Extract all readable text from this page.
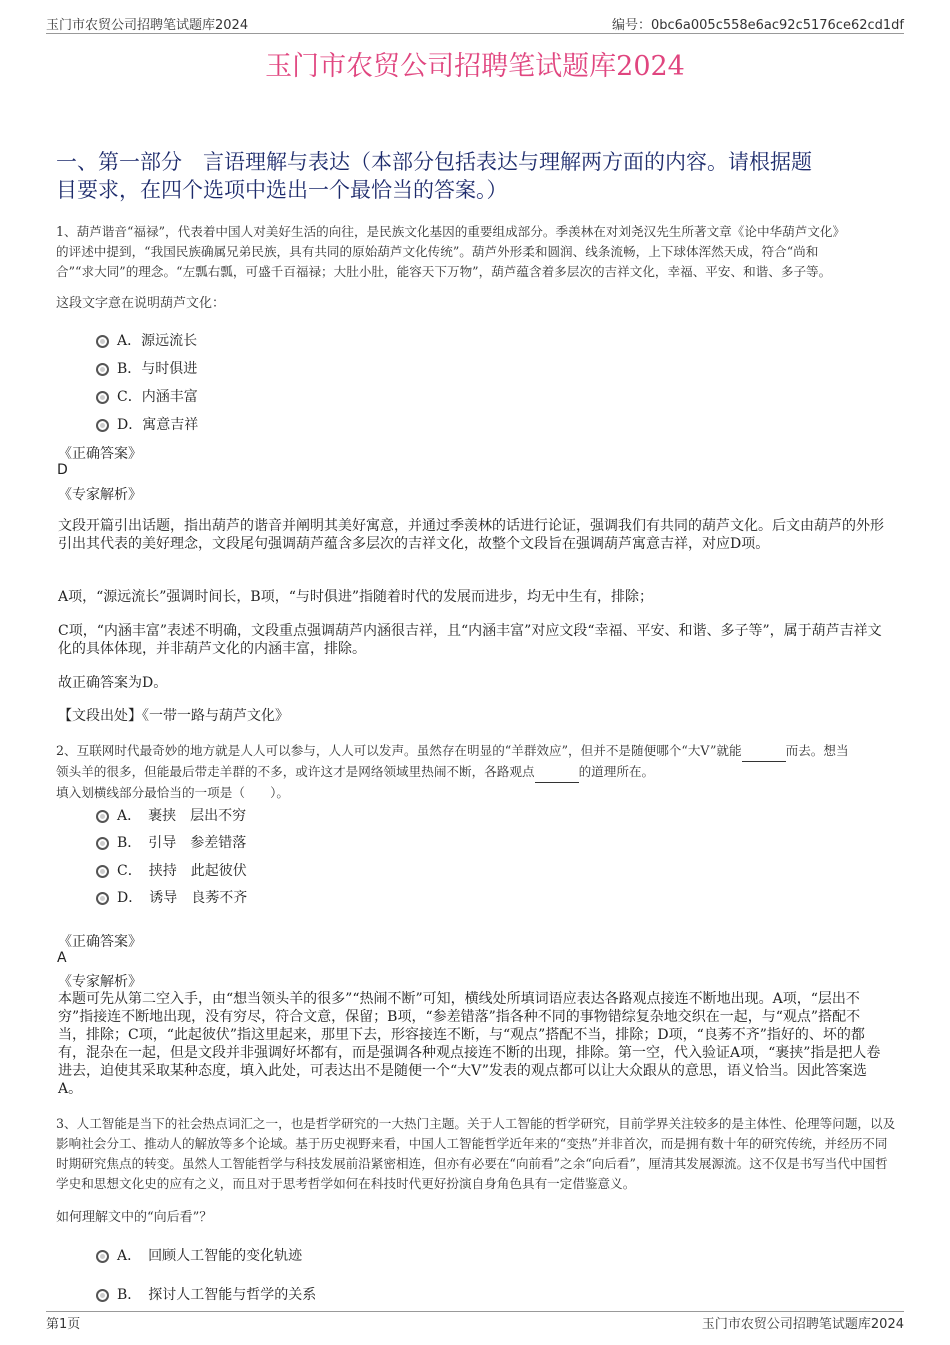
玉门市农贸公司招聘笔试题库2024	编号：0bc6a005c558e6ac92c5176ce62cd1df
玉门市农贸公司招聘笔试题库2024
一、第一部分　言语理解与表达（本部分包括表达与理解两方面的内容。请根据题
目要求，在四个选项中选出一个最恰当的答案。）
1、葫芦谐音“福禄”，代表着中国人对美好生活的向往，是民族文化基因的重要组成部分。季羡林在对刘尧汉先生所著文章《论中华葫芦文化》
的评述中提到，“我国民族确属兄弟民族，具有共同的原始葫芦文化传统”。葫芦外形柔和圆润、线条流畅，上下球体浑然天成，符合“尚和
合”“求大同”的理念。“左瓢右瓢，可盛千百福禄；大肚小肚，能容天下万物”，葫芦蕴含着多层次的吉祥文化，幸福、平安、和谐、多子等。
这段文字意在说明葫芦文化：
A．源远流长
B．与时俱进
C．内涵丰富
D．寓意吉祥
《正确答案》
D
《专家解析》
文段开篇引出话题，指出葫芦的谐音并阐明其美好寓意，并通过季羡林的话进行论证，强调我们有共同的葫芦文化。后文由葫芦的外形引出其代表的美好理念，文段尾句强调葫芦蕴含多层次的吉祥文化，故整个文段旨在强调葫芦寓意吉祥，对应D项。
A项，“源远流长”强调时间长，B项，“与时俱进”指随着时代的发展而进步，均无中生有，排除；
C项，“内涵丰富”表述不明确，文段重点强调葫芦内涵很吉祥，且“内涵丰富”对应文段“幸福、平安、和谐、多子等”，属于葫芦吉祥文化的具体体现，并非葫芦文化的内涵丰富，排除。
故正确答案为D。
【文段出处】《一带一路与葫芦文化》
2、互联网时代最奇妙的地方就是人人可以参与，人人可以发声。虽然存在明显的“羊群效应”，但并不是随便哪个“大V”就能	而去。想当
领头羊的很多，但能最后带走羊群的不多，或许这才是网络领域里热闹不断，各路观点	的道理所在。
填入划横线部分最恰当的一项是（　　）。
A．　裹挟　层出不穷
B．　引导　参差错落
C．　挟持　此起彼伏
D．　诱导　良莠不齐
《正确答案》
A
《专家解析》
本题可先从第二空入手，由“想当领头羊的很多”“热闹不断”可知，横线处所填词语应表达各路观点接连不断地出现。A项，“层出不穷”指接连不断地出现，没有穷尽，符合文意，保留；B项，“参差错落”指各种不同的事物错综复杂地交织在一起，与“观点”搭配不当，排除；C项，“此起彼伏”指这里起来，那里下去，形容接连不断，与“观点”搭配不当，排除；D项，“良莠不齐”指好的、坏的都有，混杂在一起，但是文段并非强调好坏都有，而是强调各种观点接连不断的出现，排除。第一空，代入验证A项，“裹挟”指是把人卷进去，迫使其采取某种态度，填入此处，可表达出不是随便一个“大V”发表的观点都可以让大众跟从的意思，语义恰当。因此答案选A。
3、人工智能是当下的社会热点词汇之一，也是哲学研究的一大热门主题。关于人工智能的哲学研究，目前学界关注较多的是主体性、伦理等问题，以及影响社会分工、推动人的解放等多个论域。基于历史视野来看，中国人工智能哲学近年来的“变热”并非首次，而是拥有数十年的研究传统，并经历不同时期研究焦点的转变。虽然人工智能哲学与科技发展前沿紧密相连，但亦有必要在“向前看”之余“向后看”，厘清其发展源流。这不仅是书写当代中国哲学史和思想文化史的应有之义，而且对于思考哲学如何在科技时代更好扮演自身角色具有一定借鉴意义。
如何理解文中的“向后看”？
A．　回顾人工智能的变化轨迹
B．　探讨人工智能与哲学的关系
第1页	玉门市农贸公司招聘笔试题库2024
